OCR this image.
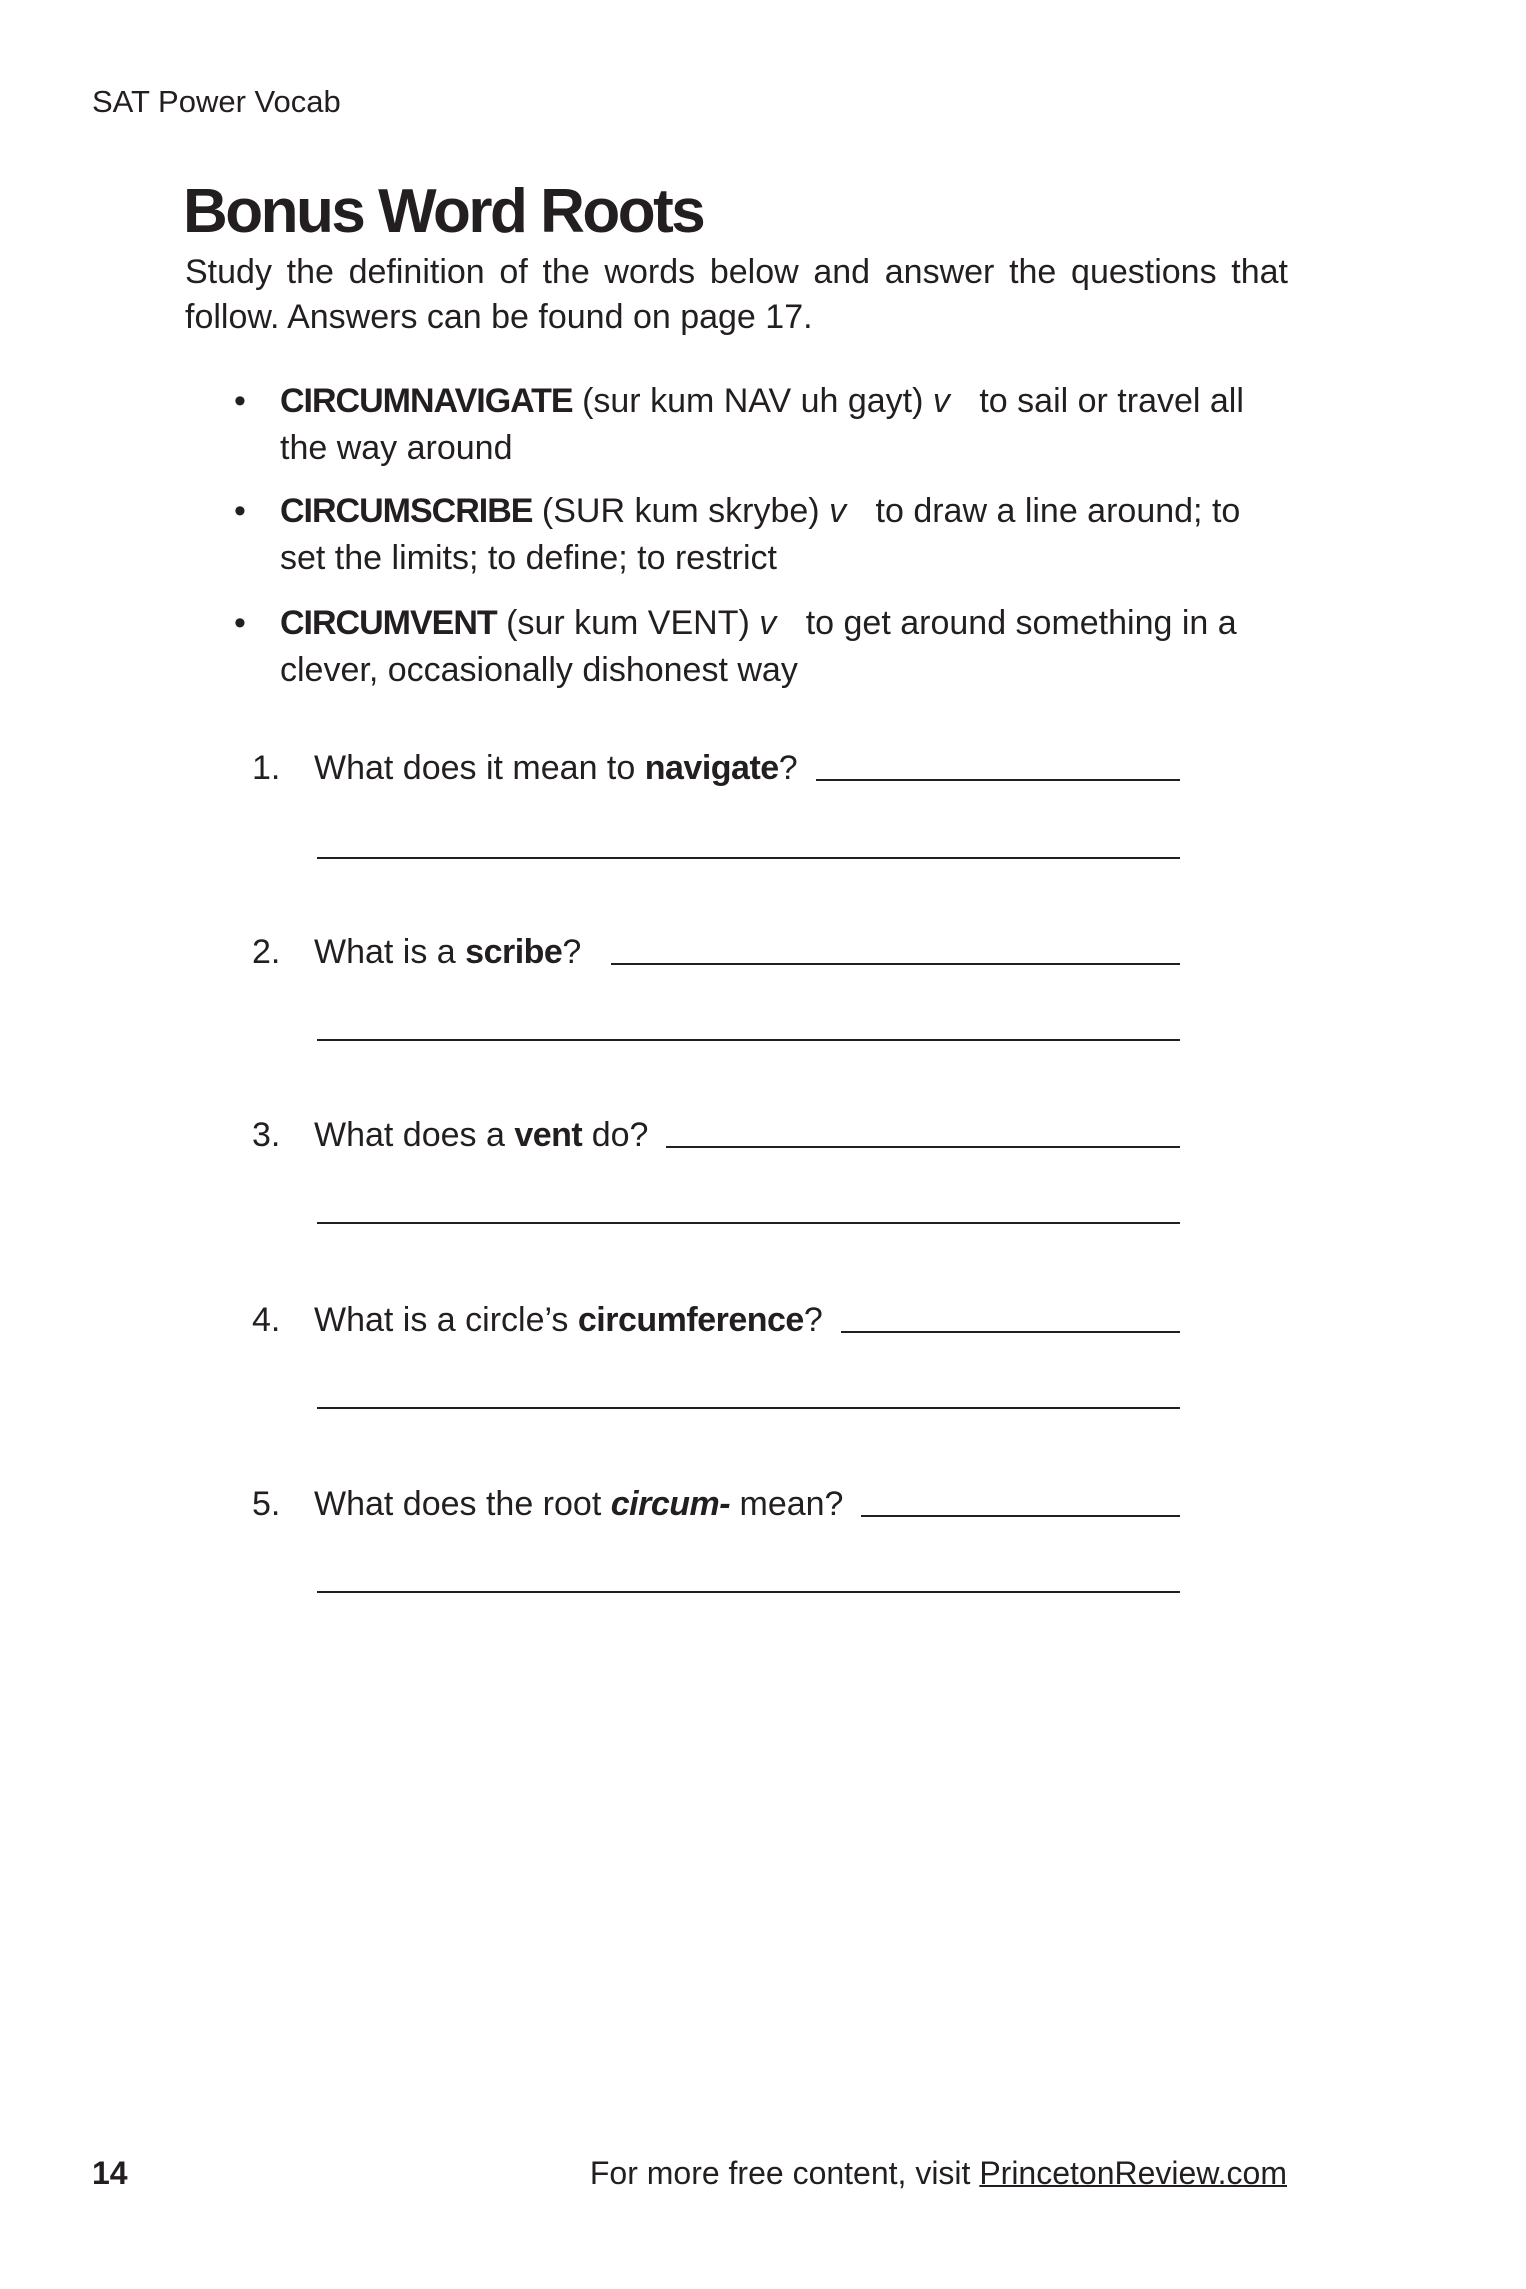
SAT Power Vocab
Bonus Word Roots
Study the definition of the words below and answer the questions that follow. Answers can be found on page 17.
• CIRCUMNAVIGATE (sur kum NAV uh gayt) v to sail or travel all the way around
• CIRCUMSCRIBE (SUR kum skrybe) v to draw a line around; to set the limits; to define; to restrict
• CIRCUMVENT (sur kum VENT) v to get around something in a clever, occasionally dishonest way
1. What does it mean to navigate?
2. What is a scribe?
3. What does a vent do?
4. What is a circle’s circumference?
5. What does the root circum- mean?
14	For more free content, visit PrincetonReview.com
